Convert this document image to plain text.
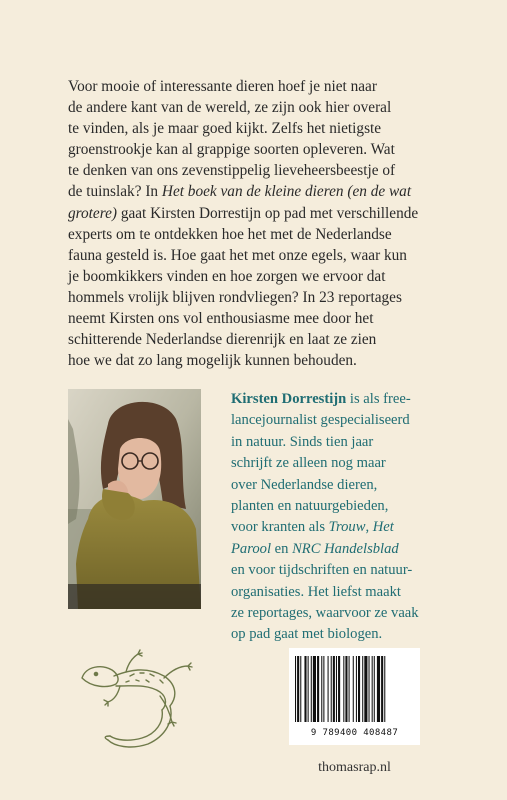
Voor mooie of interessante dieren hoef je niet naar

de andere kant van de wereld, ze zijn ook hier overal

te vinden, als je maar goed kijkt. Zelfs het nietigste

groenstrookje kan al grappige soorten opleveren. Wat

te denken van ons zevenstippelig lieveheersbeestje of

de tuinslak? In Het boek van de kleine dieren (en de wat

grotere) gaat Kirsten Dorrestijn op pad met verschillende

experts om te ontdekken hoe het met de Nederlandse

fauna gesteld is. Hoe gaat het met onze egels, waar kun

je boomkikkers vinden en hoe zorgen we ervoor dat

hommels vrolijk blijven rondvliegen? In 23 reportages

neemt Kirsten ons vol enthousiasme mee door het

schitterende Nederlandse dierenrijk en laat ze zien

hoe we dat zo lang mogelijk kunnen behouden.

Kirsten Dorrestijn is als free-

lancejournalist gespecialiseerd

in natuur. Sinds tien jaar

schrijft ze alleen nog maar

over Nederlandse dieren,

planten en natuurgebieden,

voor kranten als Trouw, Het

Parool en NRC Handelsblad

en voor tijdschriften en natuur-

organisaties. Het liefst maakt

ze reportages, waarvoor ze vaak

op pad gaat met biologen.

9 789400 408487
thomasrap.nl
